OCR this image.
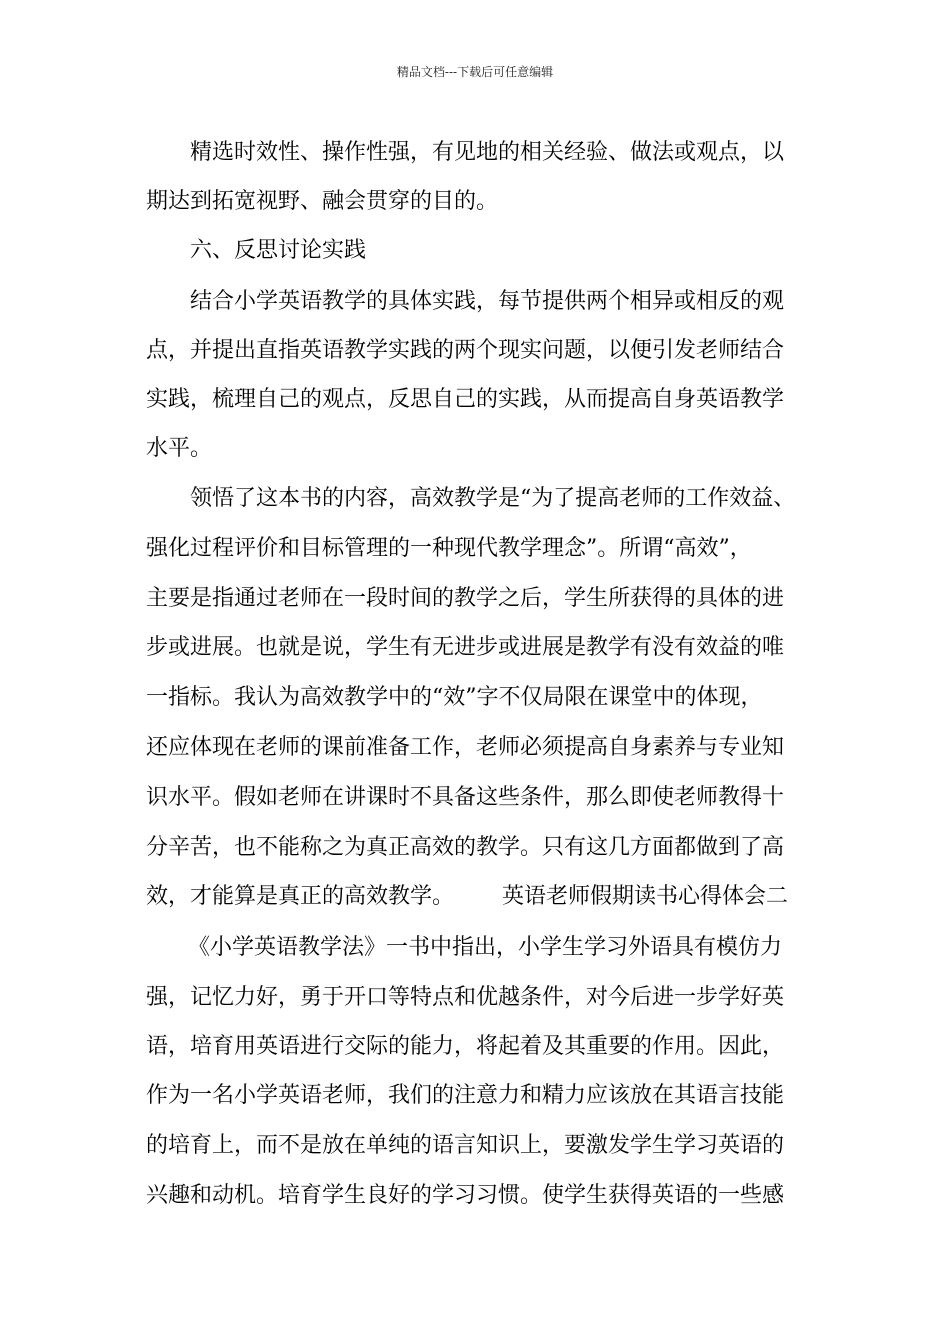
精品文档---下载后可任意编辑
精选时效性、操作性强，有见地的相关经验、做法或观点，以
期达到拓宽视野、融会贯穿的目的。
六、反思讨论实践
结合小学英语教学的具体实践，每节提供两个相异或相反的观
点，并提出直指英语教学实践的两个现实问题，以便引发老师结合
实践，梳理自己的观点，反思自己的实践，从而提高自身英语教学
水平。
领悟了这本书的内容，高效教学是“为了提高老师的工作效益、
强化过程评价和目标管理的一种现代教学理念”。所谓“高效”，
主要是指通过老师在一段时间的教学之后，学生所获得的具体的进
步或进展。也就是说，学生有无进步或进展是教学有没有效益的唯
一指标。我认为高效教学中的“效”字不仅局限在课堂中的体现，
还应体现在老师的课前准备工作，老师必须提高自身素养与专业知
识水平。假如老师在讲课时不具备这些条件，那么即使老师教得十
分辛苦，也不能称之为真正高效的教学。只有这几方面都做到了高
效，才能算是真正的高效教学。 英语老师假期读书心得体会二
《小学英语教学法》一书中指出，小学生学习外语具有模仿力
强，记忆力好，勇于开口等特点和优越条件，对今后进一步学好英
语，培育用英语进行交际的能力，将起着及其重要的作用。因此，
作为一名小学英语老师，我们的注意力和精力应该放在其语言技能
的培育上，而不是放在单纯的语言知识上，要激发学生学习英语的
兴趣和动机。培育学生良好的学习习惯。使学生获得英语的一些感
